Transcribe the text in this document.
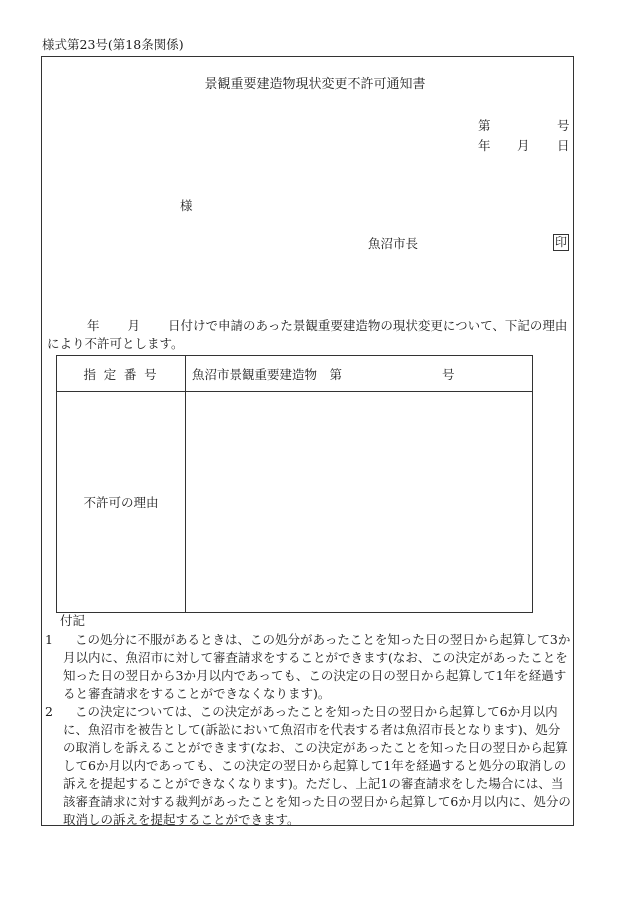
様式第23号(第18条関係)
景観重要建造物現状変更不許可通知書
第	号
年 月 日
様
魚沼市長	印
年 月 日付けで申請のあった景観重要建造物の現状変更について、下記の理由により不許可とします。
指 定 番 号	魚沼市景観重要建造物　第 号
不許可の理由	
付記
1 この処分に不服があるときは、この処分があったことを知った日の翌日から起算して3か月以内に、魚沼市に対して審査請求をすることができます(なお、この決定があったことを知った日の翌日から3か月以内であっても、この決定の日の翌日から起算して1年を経過すると審査請求をすることができなくなります)。
2 この決定については、この決定があったことを知った日の翌日から起算して6か月以内に、魚沼市を被告として(訴訟において魚沼市を代表する者は魚沼市長となります)、処分の取消しを訴えることができます(なお、この決定があったことを知った日の翌日から起算して6か月以内であっても、この決定の翌日から起算して1年を経過すると処分の取消しの訴えを提起することができなくなります)。ただし、上記1の審査請求をした場合には、当該審査請求に対する裁判があったことを知った日の翌日から起算して6か月以内に、処分の取消しの訴えを提起することができます。
